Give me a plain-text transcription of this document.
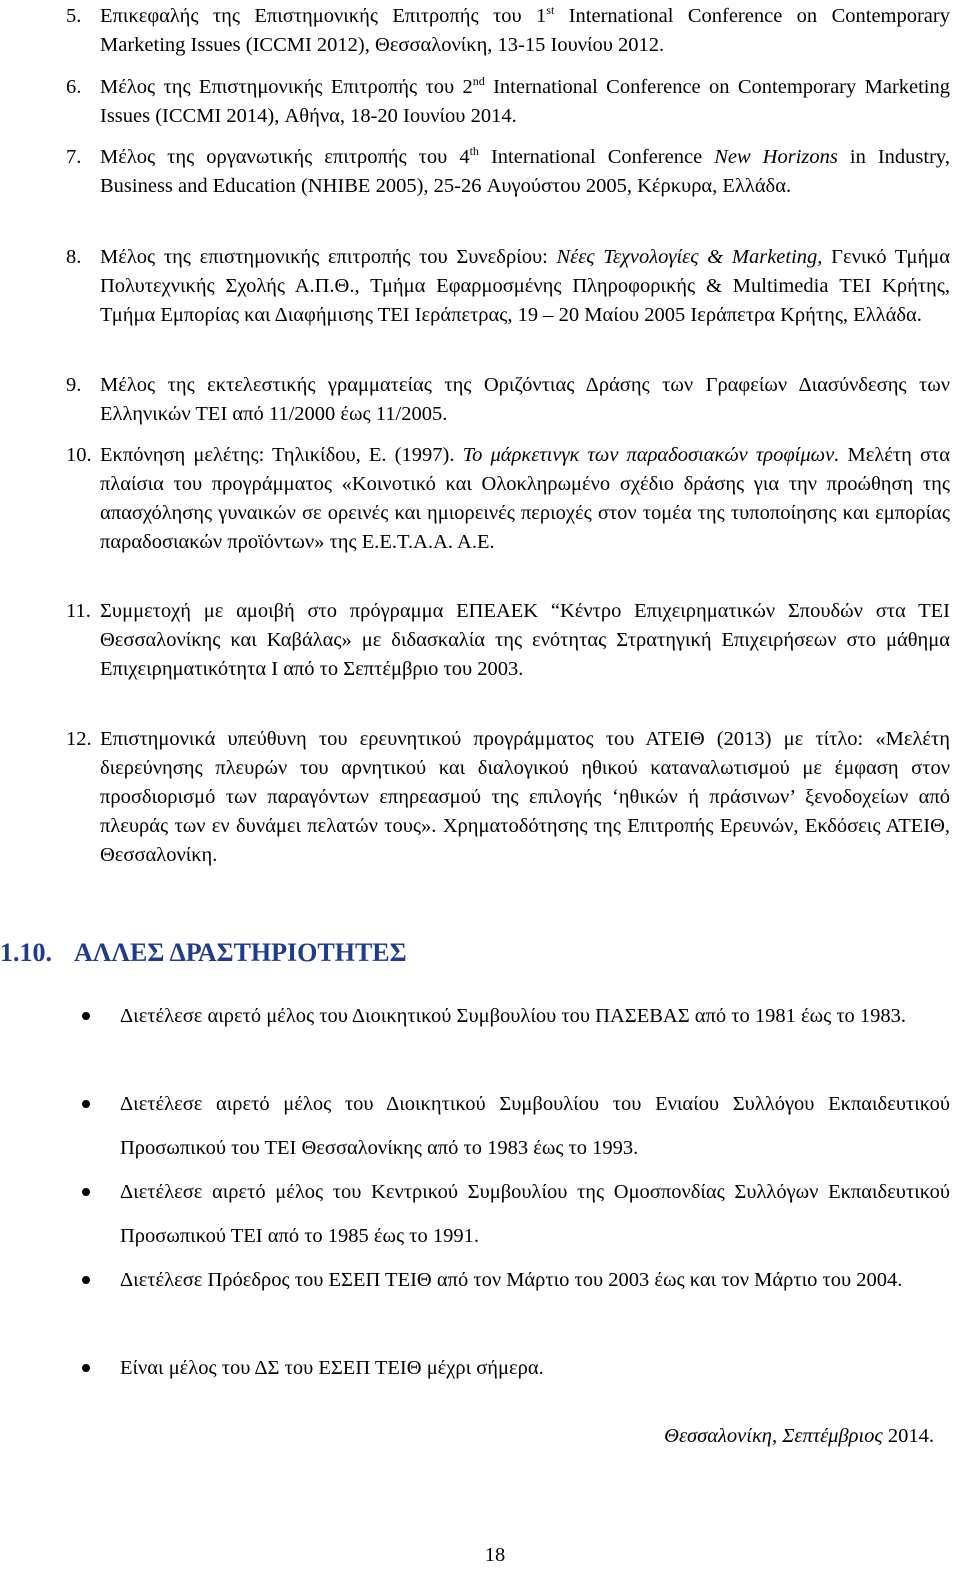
5. Επικεφαλής της Επιστημονικής Επιτροπής του 1st International Conference on Contemporary Marketing Issues (ICCMI 2012), Θεσσαλονίκη, 13-15 Ιουνίου 2012.
6. Μέλος της Επιστημονικής Επιτροπής του 2nd International Conference on Contemporary Marketing Issues (ICCMI 2014), Αθήνα, 18-20 Ιουνίου 2014.
7. Μέλος της οργανωτικής επιτροπής του 4th International Conference New Horizons in Industry, Business and Education (NHIBE 2005), 25-26 Αυγούστου 2005, Κέρκυρα, Ελλάδα.
8. Μέλος της επιστημονικής επιτροπής του Συνεδρίου: Νέες Τεχνολογίες & Marketing, Γενικό Τμήμα Πολυτεχνικής Σχολής Α.Π.Θ., Τμήμα Εφαρμοσμένης Πληροφορικής & Multimedia ΤΕΙ Κρήτης, Τμήμα Εμπορίας και Διαφήμισης ΤΕΙ Ιεράπετρας, 19 – 20 Μαίου 2005 Ιεράπετρα Κρήτης, Ελλάδα.
9. Μέλος της εκτελεστικής γραμματείας της Οριζόντιας Δράσης των Γραφείων Διασύνδεσης των Ελληνικών ΤΕΙ από 11/2000 έως 11/2005.
10. Εκπόνηση μελέτης: Τηλικίδου, Ε. (1997). Το μάρκετινγκ των παραδοσιακών τροφίμων. Μελέτη στα πλαίσια του προγράμματος «Κοινοτικό και Ολοκληρωμένο σχέδιο δράσης για την προώθηση της απασχόλησης γυναικών σε ορεινές και ημιορεινές περιοχές στον τομέα της τυποποίησης και εμπορίας παραδοσιακών προϊόντων» της Ε.Ε.Τ.Α.Α. Α.Ε.
11. Συμμετοχή με αμοιβή στο πρόγραμμα ΕΠΕΑΕΚ “Κέντρο Επιχειρηματικών Σπουδών στα ΤΕΙ Θεσσαλονίκης και Καβάλας» με διδασκαλία της ενότητας Στρατηγική Επιχειρήσεων στο μάθημα Επιχειρηματικότητα Ι από το Σεπτέμβριο του 2003.
12. Επιστημονικά υπεύθυνη του ερευνητικού προγράμματος του ΑΤΕΙΘ (2013) με τίτλο: «Μελέτη διερεύνησης πλευρών του αρνητικού και διαλογικού ηθικού καταναλωτισμού με έμφαση στον προσδιορισμό των παραγόντων επηρεασμού της επιλογής ‘ηθικών ή πράσινων’ ξενοδοχείων από πλευράς των εν δυνάμει πελατών τους». Χρηματοδότησης της Επιτροπής Ερευνών, Εκδόσεις ΑΤΕΙΘ, Θεσσαλονίκη.
1.10. ΑΛΛΕΣ ΔΡΑΣΤΗΡΙΟΤΗΤΕΣ
Διετέλεσε αιρετό μέλος του Διοικητικού Συμβουλίου του ΠΑΣΕΒΑΣ από το 1981 έως το 1983.
Διετέλεσε αιρετό μέλος του Διοικητικού Συμβουλίου του Ενιαίου Συλλόγου Εκπαιδευτικού Προσωπικού του ΤΕΙ Θεσσαλονίκης από το 1983 έως το 1993.
Διετέλεσε αιρετό μέλος του Κεντρικού Συμβουλίου της Ομοσπονδίας Συλλόγων Εκπαιδευτικού Προσωπικού ΤΕΙ από το 1985 έως το 1991.
Διετέλεσε Πρόεδρος του ΕΣΕΠ ΤΕΙΘ από τον Μάρτιο του 2003 έως και τον Μάρτιο του 2004.
Είναι μέλος του ΔΣ του ΕΣΕΠ ΤΕΙΘ μέχρι σήμερα.
Θεσσαλονίκη, Σεπτέμβριος 2014.
18
